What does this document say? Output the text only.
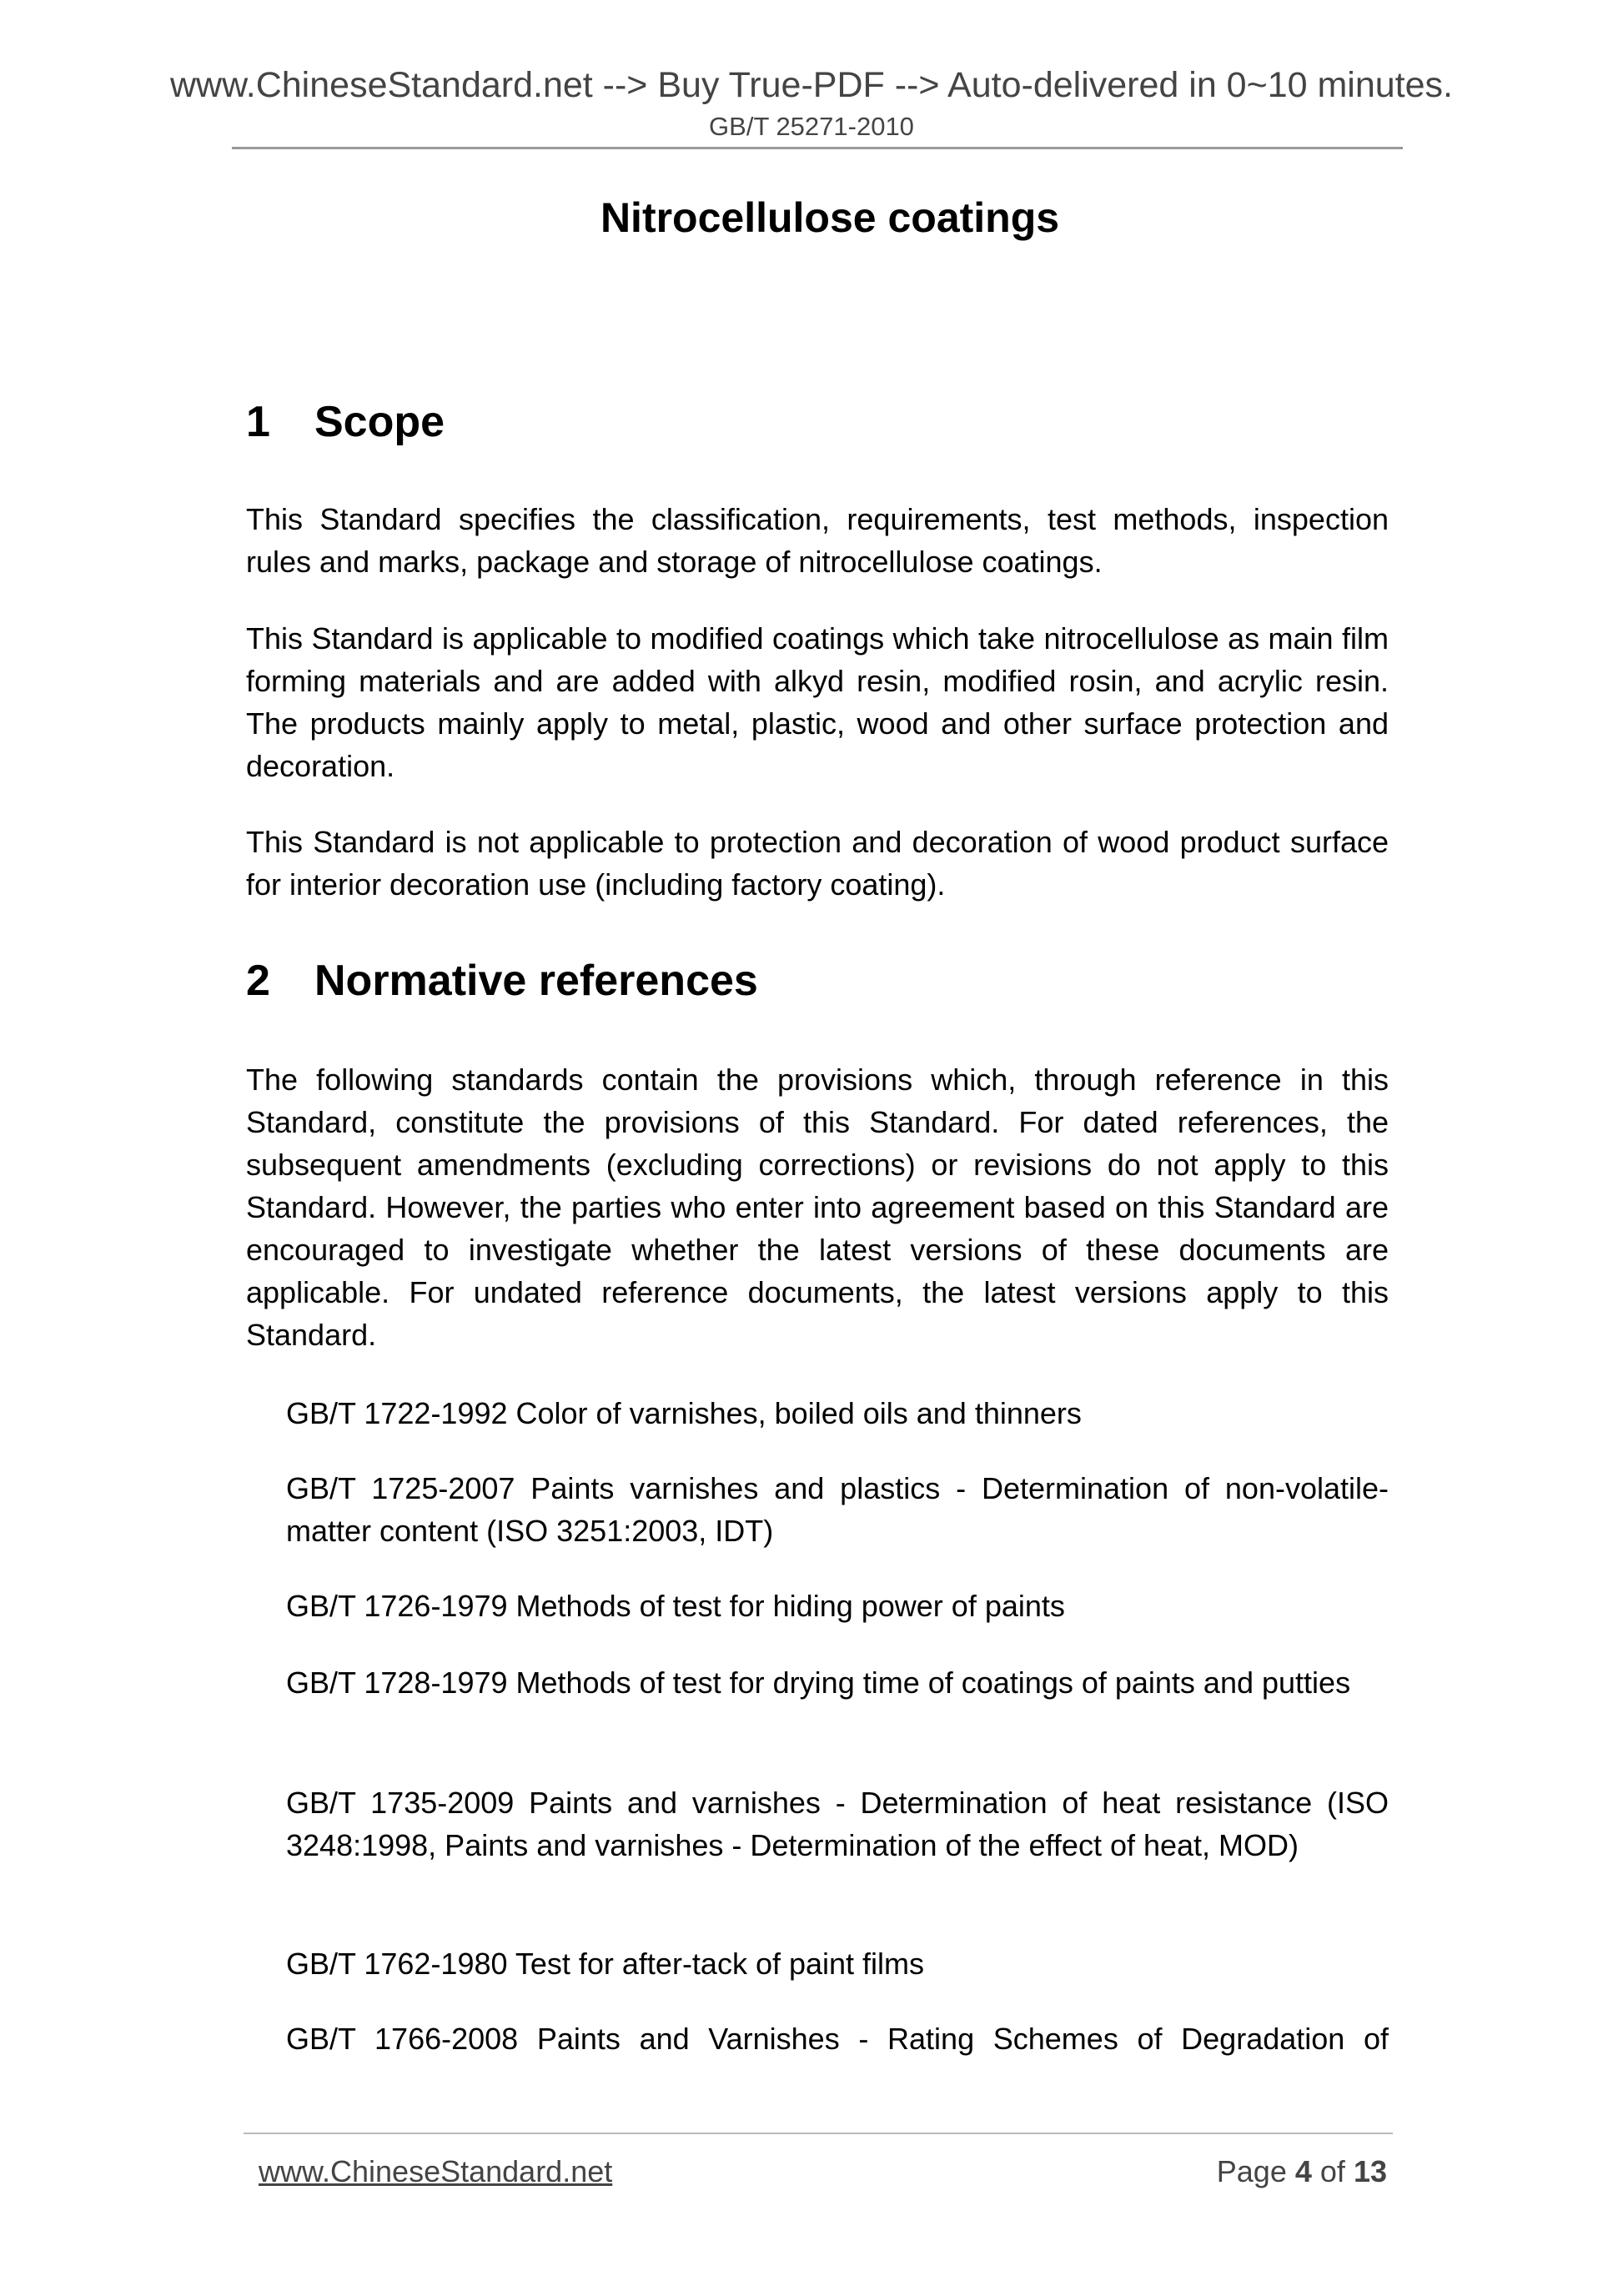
www.ChineseStandard.net --> Buy True-PDF --> Auto-delivered in 0~10 minutes.
GB/T 25271-2010
Nitrocellulose coatings
1 Scope
This Standard specifies the classification, requirements, test methods, inspection rules and marks, package and storage of nitrocellulose coatings.
This Standard is applicable to modified coatings which take nitrocellulose as main film forming materials and are added with alkyd resin, modified rosin, and acrylic resin. The products mainly apply to metal, plastic, wood and other surface protection and decoration.
This Standard is not applicable to protection and decoration of wood product surface for interior decoration use (including factory coating).
2 Normative references
The following standards contain the provisions which, through reference in this Standard, constitute the provisions of this Standard. For dated references, the subsequent amendments (excluding corrections) or revisions do not apply to this Standard. However, the parties who enter into agreement based on this Standard are encouraged to investigate whether the latest versions of these documents are applicable. For undated reference documents, the latest versions apply to this Standard.
GB/T 1722-1992 Color of varnishes, boiled oils and thinners
GB/T 1725-2007 Paints varnishes and plastics - Determination of non-volatile-matter content (ISO 3251:2003, IDT)
GB/T 1726-1979 Methods of test for hiding power of paints
GB/T 1728-1979 Methods of test for drying time of coatings of paints and putties
GB/T 1735-2009 Paints and varnishes - Determination of heat resistance (ISO 3248:1998, Paints and varnishes - Determination of the effect of heat, MOD)
GB/T 1762-1980 Test for after-tack of paint films
GB/T 1766-2008 Paints and Varnishes - Rating Schemes of Degradation of
www.ChineseStandard.net	Page 4 of 13
